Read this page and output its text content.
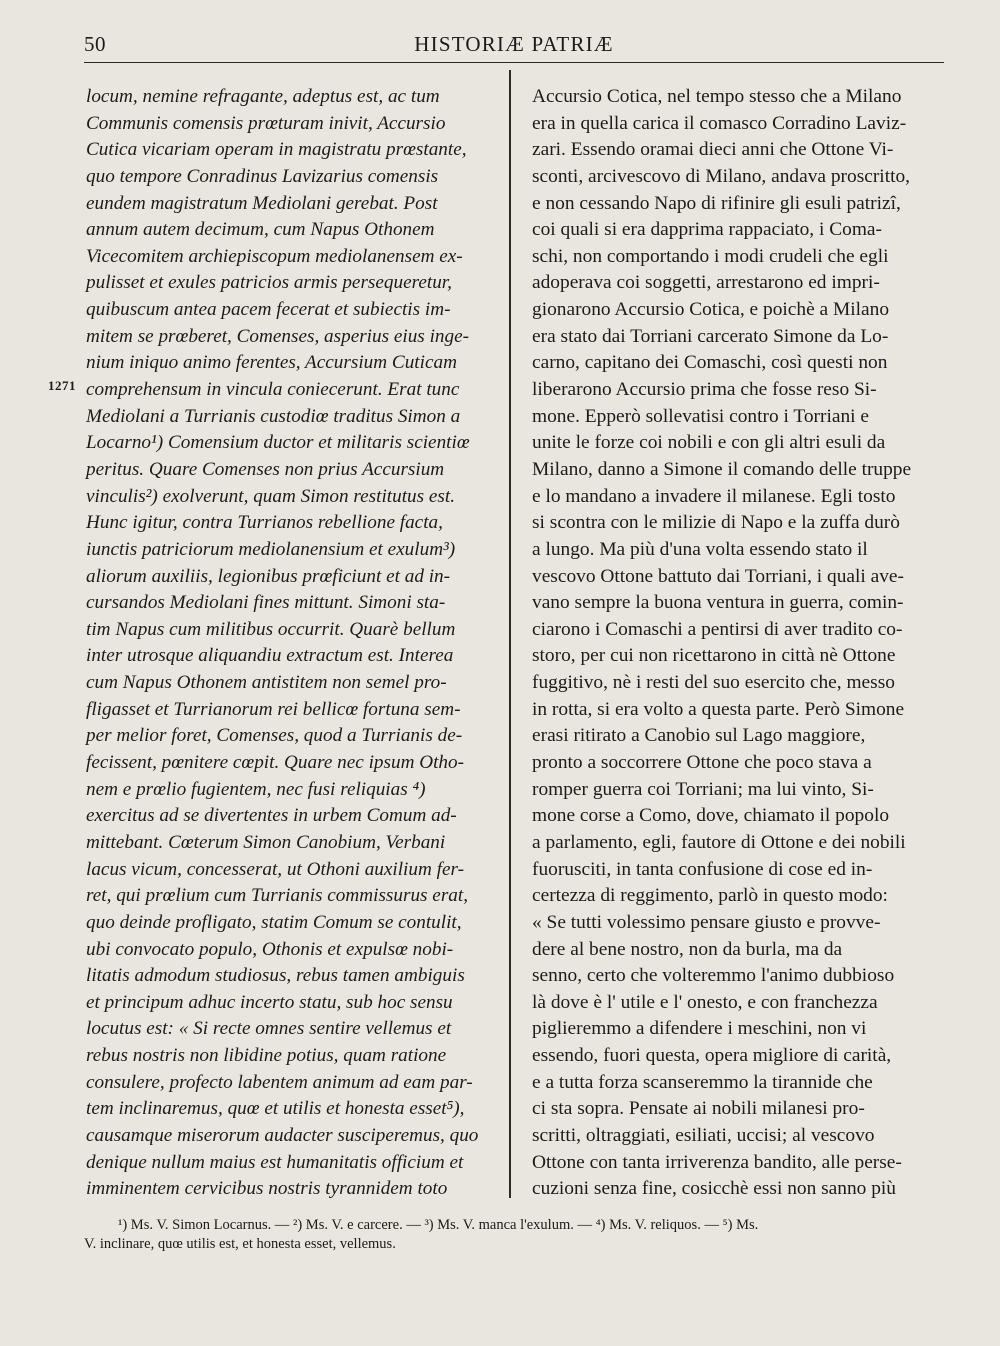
50	HISTORIÆ PATRIÆ
1271
locum, nemine refragante, adeptus est, ac tum
Communis comensis prœturam inivit, Accursio
Cutica vicariam operam in magistratu prœstante,
quo tempore Conradinus Lavizarius comensis
eundem magistratum Mediolani gerebat. Post
annum autem decimum, cum Napus Othonem
Vicecomitem archiepiscopum mediolanensem ex-
pulisset et exules patricios armis persequeretur,
quibuscum antea pacem fecerat et subiectis im-
mitem se prœberet, Comenses, asperius eius inge-
nium iniquo animo ferentes, Accursium Cuticam
comprehensum in vincula coniecerunt. Erat tunc
Mediolani a Turrianis custodiœ traditus Simon a
Locarno¹) Comensium ductor et militaris scientiœ
peritus. Quare Comenses non prius Accursium
vinculis²) exolverunt, quam Simon restitutus est.
Hunc igitur, contra Turrianos rebellione facta,
iunctis patriciorum mediolanensium et exulum³)
aliorum auxiliis, legionibus prœficiunt et ad in-
cursandos Mediolani fines mittunt. Simoni sta-
tim Napus cum militibus occurrit. Quarè bellum
inter utrosque aliquandiu extractum est. Interea
cum Napus Othonem antistitem non semel pro-
fligasset et Turrianorum rei bellicœ fortuna sem-
per melior foret, Comenses, quod a Turrianis de-
fecissent, pœnitere cœpit. Quare nec ipsum Otho-
nem e prœlio fugientem, nec fusi reliquias ⁴)
exercitus ad se divertentes in urbem Comum ad-
mittebant. Cœterum Simon Canobium, Verbani
lacus vicum, concesserat, ut Othoni auxilium fer-
ret, qui prœlium cum Turrianis commissurus erat,
quo deinde profligato, statim Comum se contulit,
ubi convocato populo, Othonis et expulsœ nobi-
litatis admodum studiosus, rebus tamen ambiguis
et principum adhuc incerto statu, sub hoc sensu
locutus est: « Si recte omnes sentire vellemus et
rebus nostris non libidine potius, quam ratione
consulere, profecto labentem animum ad eam par-
tem inclinaremus, quœ et utilis et honesta esset⁵),
causamque miserorum audacter susciperemus, quo
denique nullum maius est humanitatis officium et
imminentem cervicibus nostris tyrannidem toto
Accursio Cotica, nel tempo stesso che a Milano
era in quella carica il comasco Corradino Laviz-
zari. Essendo oramai dieci anni che Ottone Vi-
sconti, arcivescovo di Milano, andava proscritto,
e non cessando Napo di rifinire gli esuli patrizî,
coi quali si era dapprima rappaciato, i Coma-
schi, non comportando i modi crudeli che egli
adoperava coi soggetti, arrestarono ed impri-
gionarono Accursio Cotica, e poichè a Milano
era stato dai Torriani carcerato Simone da Lo-
carno, capitano dei Comaschi, così questi non
liberarono Accursio prima che fosse reso Si-
mone. Epperò sollevatisi contro i Torriani e
unite le forze coi nobili e con gli altri esuli da
Milano, danno a Simone il comando delle truppe
e lo mandano a invadere il milanese. Egli tosto
si scontra con le milizie di Napo e la zuffa durò
a lungo. Ma più d'una volta essendo stato il
vescovo Ottone battuto dai Torriani, i quali ave-
vano sempre la buona ventura in guerra, comin-
ciarono i Comaschi a pentirsi di aver tradito co-
storo, per cui non ricettarono in città nè Ottone
fuggitivo, nè i resti del suo esercito che, messo
in rotta, si era volto a questa parte. Però Simone
erasi ritirato a Canobio sul Lago maggiore,
pronto a soccorrere Ottone che poco stava a
romper guerra coi Torriani; ma lui vinto, Si-
mone corse a Como, dove, chiamato il popolo
a parlamento, egli, fautore di Ottone e dei nobili
fuorusciti, in tanta confusione di cose ed in-
certezza di reggimento, parlò in questo modo:
« Se tutti volessimo pensare giusto e provve-
dere al bene nostro, non da burla, ma da
senno, certo che volteremmo l'animo dubbioso
là dove è l' utile e l' onesto, e con franchezza
piglieremmo a difendere i meschini, non vi
essendo, fuori questa, opera migliore di carità,
e a tutta forza scanseremmo la tirannide che
ci sta sopra. Pensate ai nobili milanesi pro-
scritti, oltraggiati, esiliati, uccisi; al vescovo
Ottone con tanta irriverenza bandito, alle perse-
cuzioni senza fine, cosicchè essi non sanno più
¹) Ms. V. Simon Locarnus. — ²) Ms. V. e carcere. — ³) Ms. V. manca l'exulum. — ⁴) Ms. V. reliquos. — ⁵) Ms.
V. inclinare, quœ utilis est, et honesta esset, vellemus.
